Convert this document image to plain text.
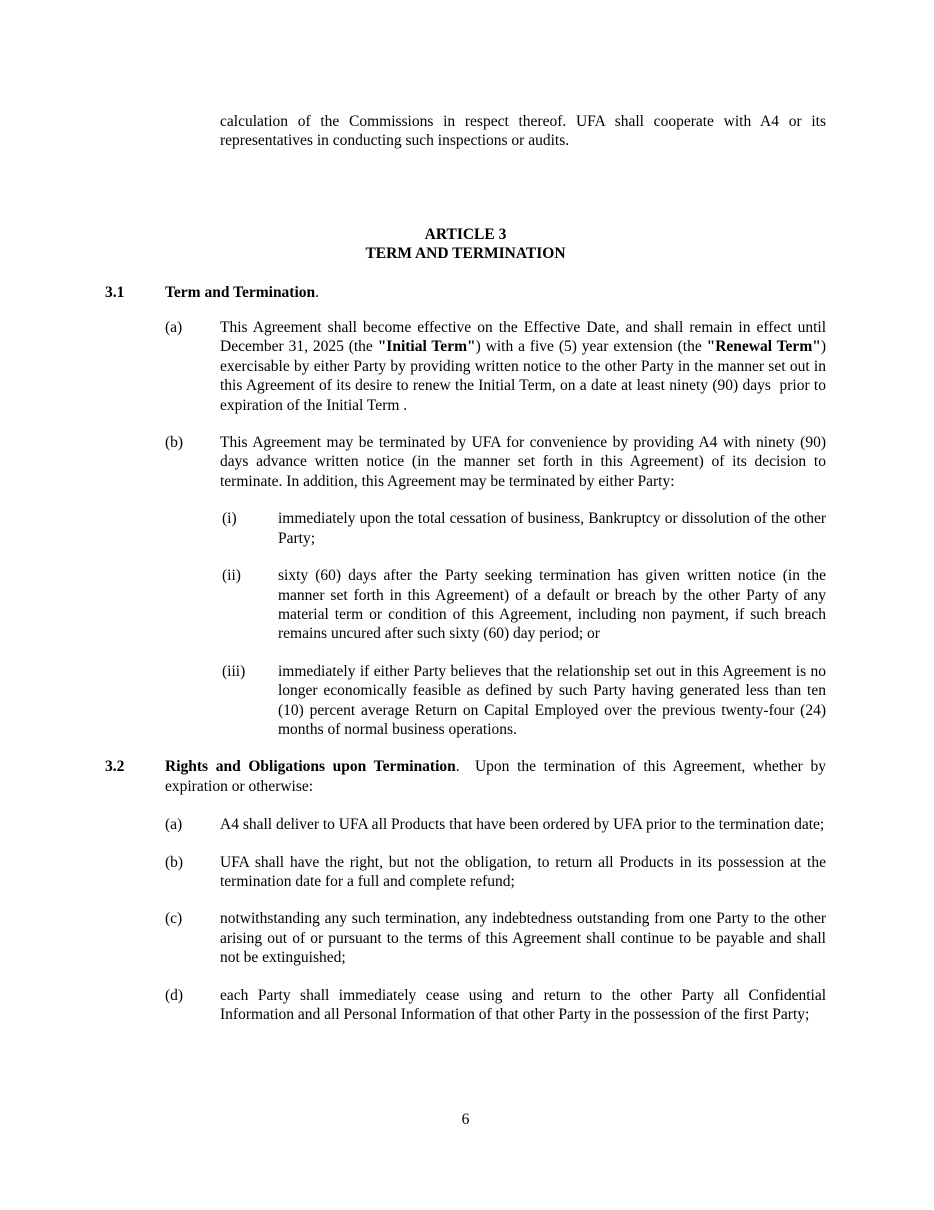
calculation of the Commissions in respect thereof. UFA shall cooperate with A4 or its representatives in conducting such inspections or audits.

ARTICLE 3
TERM AND TERMINATION
3.1	Term and Termination.
(a) This Agreement shall become effective on the Effective Date, and shall remain in effect until December 31, 2025 (the "Initial Term") with a five (5) year extension (the "Renewal Term") exercisable by either Party by providing written notice to the other Party in the manner set out in this Agreement of its desire to renew the Initial Term, on a date at least ninety (90) days  prior to expiration of the Initial Term .
(b) This Agreement may be terminated by UFA for convenience by providing A4 with ninety (90) days advance written notice (in the manner set forth in this Agreement) of its decision to terminate. In addition, this Agreement may be terminated by either Party:
(i)	immediately upon the total cessation of business, Bankruptcy or dissolution of the other Party;
(ii) sixty (60) days after the Party seeking termination has given written notice (in the manner set forth in this Agreement) of a default or breach by the other Party of any material term or condition of this Agreement, including non payment, if such breach remains uncured after such sixty (60) day period; or
(iii) immediately if either Party believes that the relationship set out in this Agreement is no longer economically feasible as defined by such Party having generated less than ten (10) percent average Return on Capital Employed over the previous twenty-four (24) months of normal business operations.
3.2	Rights and Obligations upon Termination.  Upon the termination of this Agreement, whether by expiration or otherwise:
(a) A4 shall deliver to UFA all Products that have been ordered by UFA prior to the termination date;
(b) UFA shall have the right, but not the obligation, to return all Products in its possession at the termination date for a full and complete refund;
(c) notwithstanding any such termination, any indebtedness outstanding from one Party to the other arising out of or pursuant to the terms of this Agreement shall continue to be payable and shall not be extinguished;
(d) each Party shall immediately cease using and return to the other Party all Confidential Information and all Personal Information of that other Party in the possession of the first Party;
6
